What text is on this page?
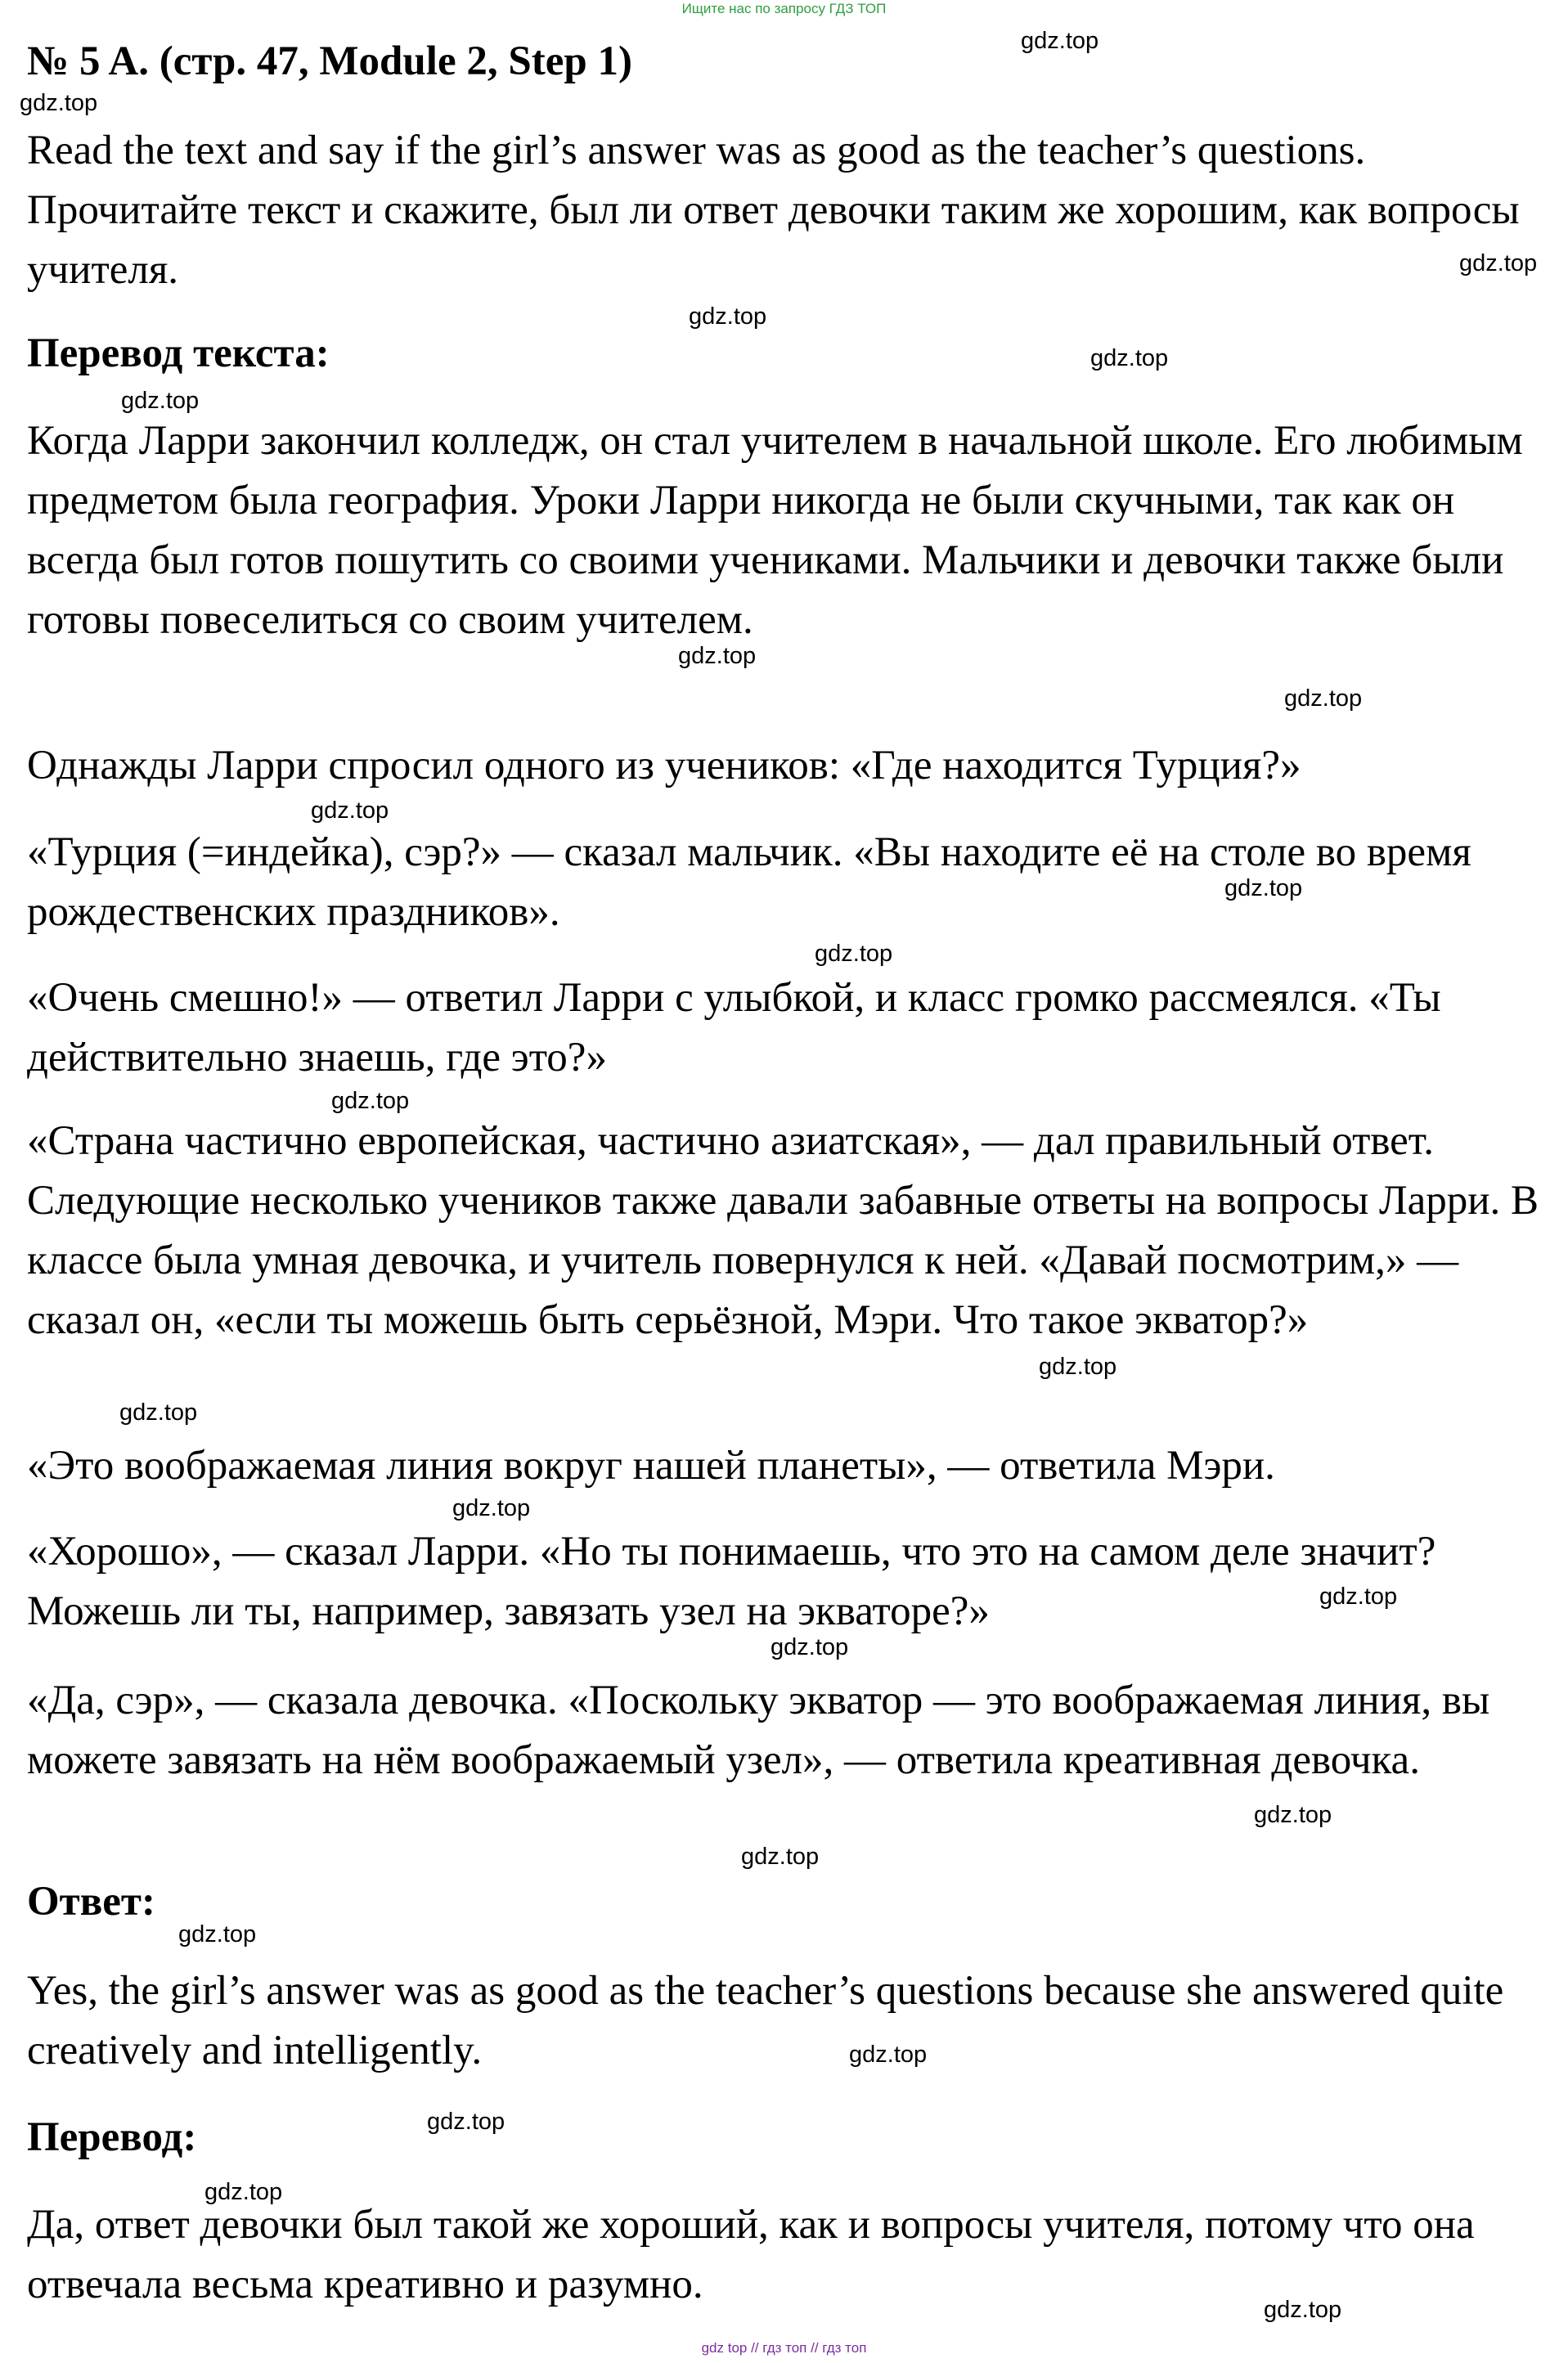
Ищите нас по запросу ГДЗ ТОП
№ 5 A. (стр. 47, Module 2, Step 1)

Read the text and say if the girl’s answer was as good as the teacher’s questions. Прочитайте текст и скажите, был ли ответ девочки таким же хорошим, как вопросы учителя.

Перевод текста:

Когда Ларри закончил колледж, он стал учителем в начальной школе. Его любимым предметом была география. Уроки Ларри никогда не были скучными, так как он всегда был готов пошутить со своими учениками. Мальчики и девочки также были готовы повеселиться со своим учителем.

Однажды Ларри спросил одного из учеников: «Где находится Турция?»

«Турция (=индейка), сэр?» — сказал мальчик. «Вы находите её на столе во время рождественских праздников».

«Очень смешно!» — ответил Ларри с улыбкой, и класс громко рассмеялся. «Ты действительно знаешь, где это?»

«Страна частично европейская, частично азиатская», — дал правильный ответ. Следующие несколько учеников также давали забавные ответы на вопросы Ларри. В классе была умная девочка, и учитель повернулся к ней. «Давай посмотрим,» — сказал он, «если ты можешь быть серьёзной, Мэри. Что такое экватор?»

«Это воображаемая линия вокруг нашей планеты», — ответила Мэри.

«Хорошо», — сказал Ларри. «Но ты понимаешь, что это на самом деле значит? Можешь ли ты, например, завязать узел на экваторе?»

«Да, сэр», — сказала девочка. «Поскольку экватор — это воображаемая линия, вы можете завязать на нём воображаемый узел», — ответила креативная девочка.

Ответ:

Yes, the girl’s answer was as good as the teacher’s questions because she answered quite creatively and intelligently.

Перевод:

Да, ответ девочки был такой же хороший, как и вопросы учителя, потому что она отвечала весьма креативно и разумно.

gdz.top
gdz.top
gdz.top
gdz.top
gdz.top
gdz.top
gdz.top
gdz.top
gdz.top
gdz.top
gdz.top
gdz.top
gdz.top
gdz.top
gdz.top
gdz.top
gdz.top
gdz.top
gdz.top
gdz.top
gdz.top
gdz.top
gdz.top
gdz.top
gdz top // гдз топ // гдз топ
